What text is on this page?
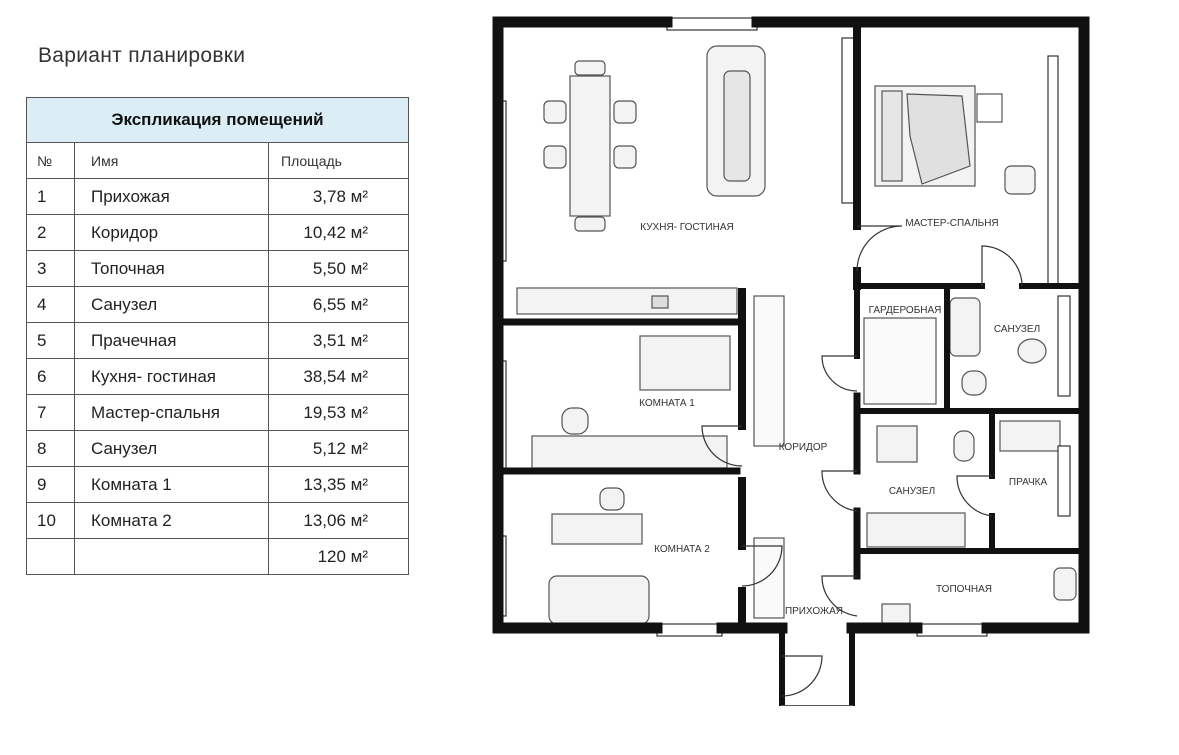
Вариант планировки
Экспликация помещений		
№	Имя	Площадь
1	Прихожая	3,78 м²
2	Коридор	10,42 м²
3	Топочная	5,50 м²
4	Санузел	6,55 м²
5	Прачечная	3,51 м²
6	Кухня- гостиная	38,54 м²
7	Мастер-спальня	19,53 м²
8	Санузел	5,12 м²
9	Комната 1	13,35 м²
10	Комната 2	13,06 м²
		120 м²
КУХНЯ- ГОСТИНАЯ	МАСТЕР-СПАЛЬНЯ
ГАРДЕРОБНАЯ
САНУЗЕЛ
КОМНАТА 1
КОРИДОР
САНУЗЕЛ
ПРАЧКА
КОМНАТА 2
ПРИХОЖАЯ
ТОПОЧНАЯ
